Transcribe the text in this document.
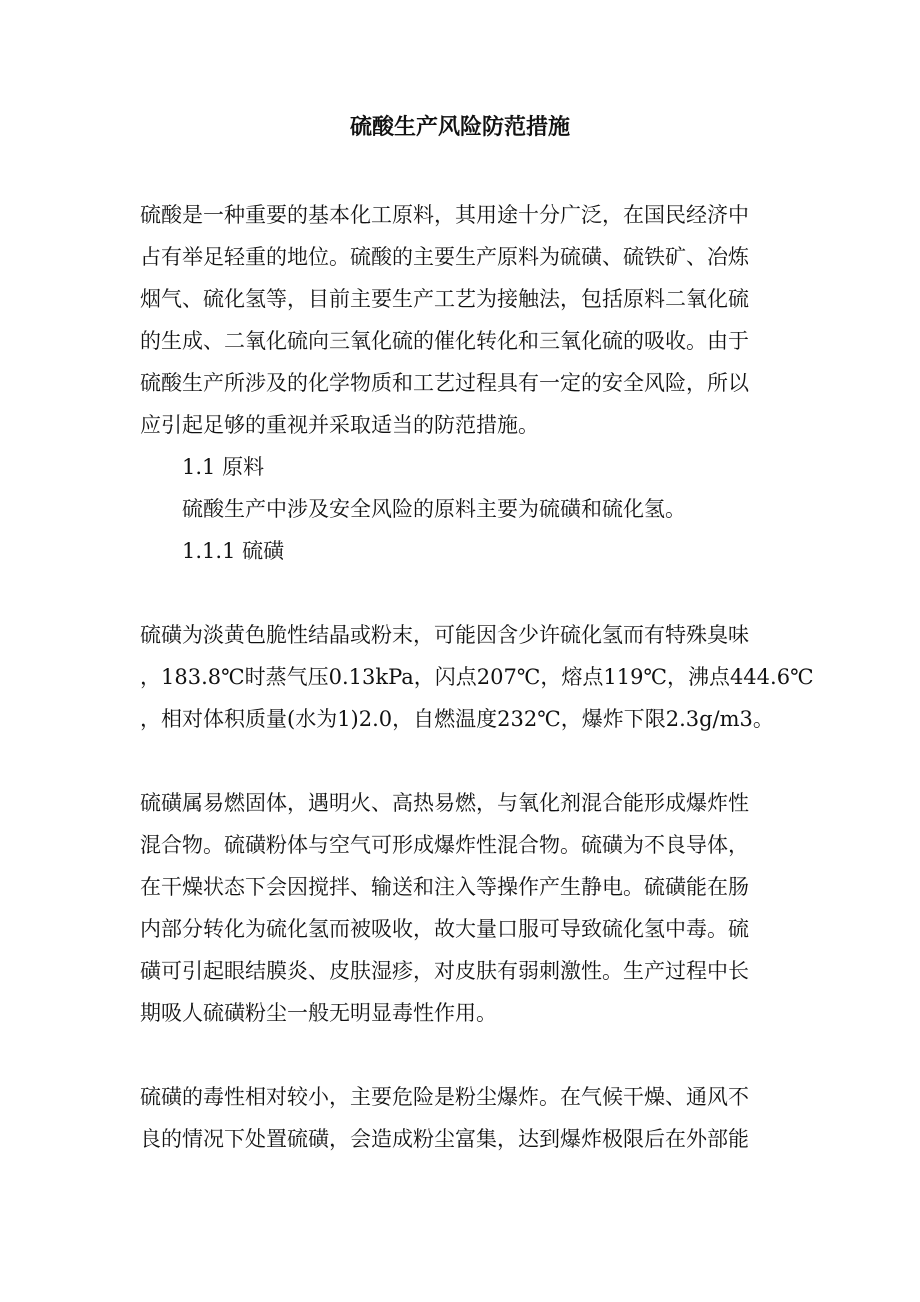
硫酸生产风险防范措施
硫酸是一种重要的基本化工原料，其用途十分广泛，在国民经济中
占有举足轻重的地位。硫酸的主要生产原料为硫磺、硫铁矿、冶炼
烟气、硫化氢等，目前主要生产工艺为接触法，包括原料二氧化硫
的生成、二氧化硫向三氧化硫的催化转化和三氧化硫的吸收。由于
硫酸生产所涉及的化学物质和工艺过程具有一定的安全风险，所以
应引起足够的重视并采取适当的防范措施。
1.1 原料
硫酸生产中涉及安全风险的原料主要为硫磺和硫化氢。
1.1.1 硫磺
硫磺为淡黄色脆性结晶或粉末，可能因含少许硫化氢而有特殊臭味
，183.8℃时蒸气压0.13kPa，闪点207℃，熔点119℃，沸点444.6℃
，相对体积质量(水为1)2.0，自燃温度232℃，爆炸下限2.3g/m3。
硫磺属易燃固体，遇明火、高热易燃，与氧化剂混合能形成爆炸性
混合物。硫磺粉体与空气可形成爆炸性混合物。硫磺为不良导体，
在干燥状态下会因搅拌、输送和注入等操作产生静电。硫磺能在肠
内部分转化为硫化氢而被吸收，故大量口服可导致硫化氢中毒。硫
磺可引起眼结膜炎、皮肤湿疹，对皮肤有弱刺激性。生产过程中长
期吸人硫磺粉尘一般无明显毒性作用。
硫磺的毒性相对较小，主要危险是粉尘爆炸。在气候干燥、通风不
良的情况下处置硫磺，会造成粉尘富集，达到爆炸极限后在外部能
